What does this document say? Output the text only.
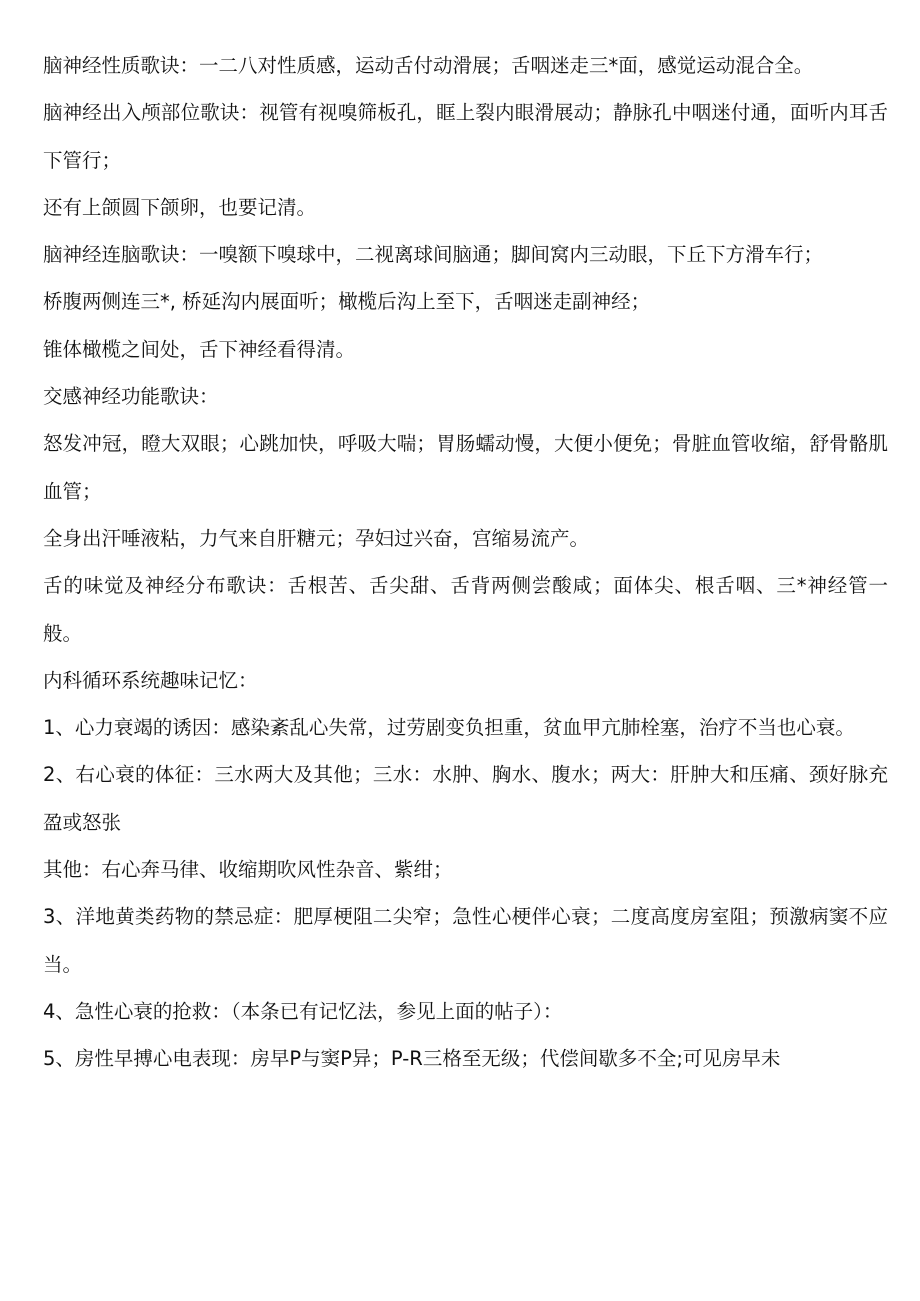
脑神经性质歌诀：一二八对性质感，运动舌付动滑展；舌咽迷走三*面，感觉运动混合全。

脑神经出入颅部位歌诀：视管有视嗅筛板孔，眶上裂内眼滑展动；静脉孔中咽迷付通，面听内耳舌下管行；

还有上颌圆下颌卵，也要记清。

脑神经连脑歌诀：一嗅额下嗅球中，二视离球间脑通；脚间窝内三动眼，下丘下方滑车行；

桥腹两侧连三*, 桥延沟内展面听；橄榄后沟上至下，舌咽迷走副神经；

锥体橄榄之间处，舌下神经看得清。

交感神经功能歌诀：

怒发冲冠，瞪大双眼；心跳加快，呼吸大喘；胃肠蠕动慢，大便小便免；骨脏血管收缩，舒骨骼肌血管；

全身出汗唾液粘，力气来自肝糖元；孕妇过兴奋，宫缩易流产。

舌的味觉及神经分布歌诀：舌根苦、舌尖甜、舌背两侧尝酸咸；面体尖、根舌咽、三*神经管一般。

内科循环系统趣味记忆：

1、心力衰竭的诱因：感染紊乱心失常，过劳剧变负担重，贫血甲亢肺栓塞，治疗不当也心衰。

2、右心衰的体征：三水两大及其他；三水：水肿、胸水、腹水；两大：肝肿大和压痛、颈好脉充盈或怒张

其他：右心奔马律、收缩期吹风性杂音、紫绀；

3、洋地黄类药物的禁忌症：肥厚梗阻二尖窄；急性心梗伴心衰；二度高度房室阻；预激病窦不应当。

4、急性心衰的抢救：（本条已有记忆法，参见上面的帖子）：

5、房性早搏心电表现：房早P与窦P异；P-R三格至无级；代偿间歇多不全;可见房早未
